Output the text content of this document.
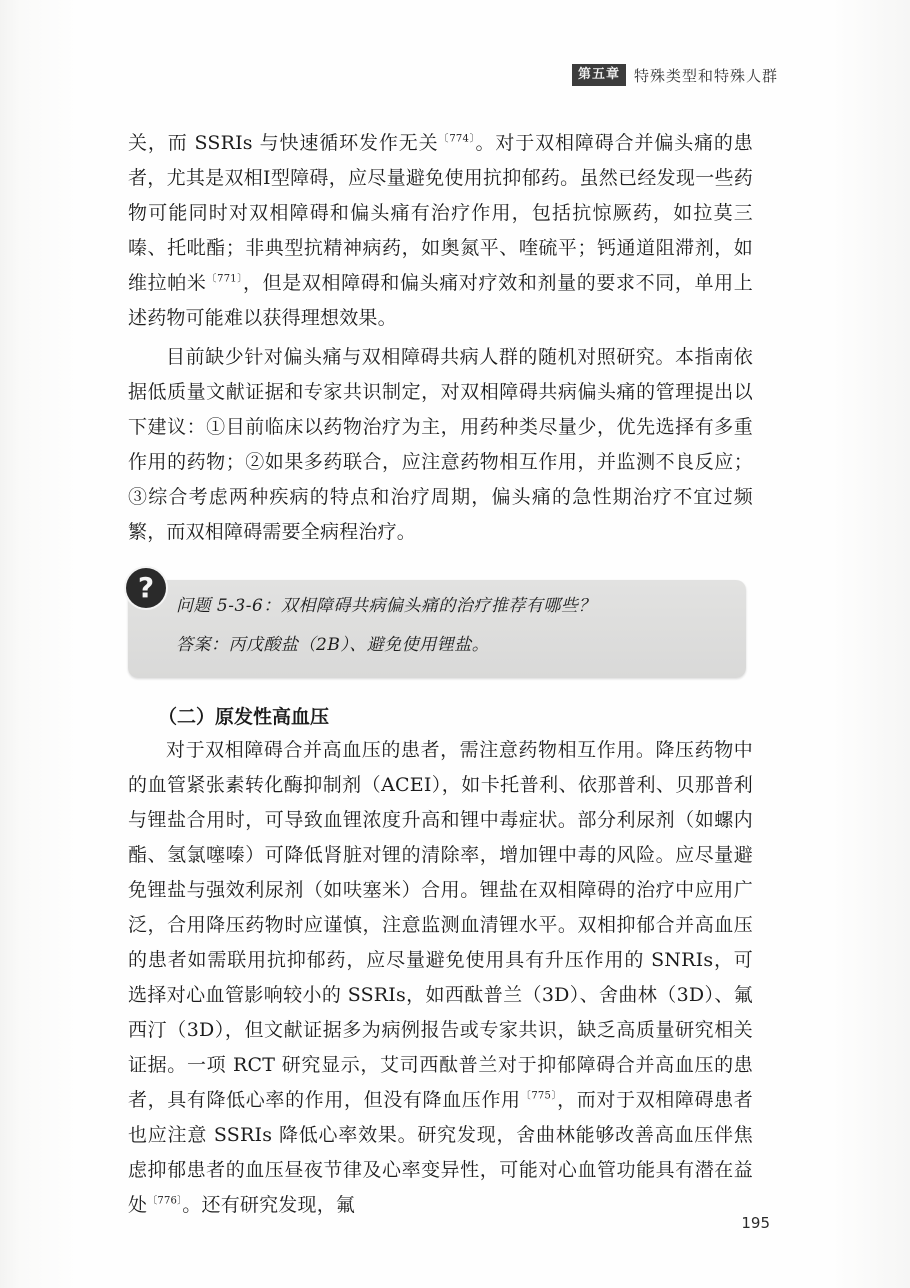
第五章 特殊类型和特殊人群

关，而 SSRIs 与快速循环发作无关$^{〔774〕}$。对于双相障碍合并偏头痛的患者，尤其是双相Ⅰ型障碍，应尽量避免使用抗抑郁药。虽然已经发现一些药物可能同时对双相障碍和偏头痛有治疗作用，包括抗惊厥药，如拉莫三嗪、托吡酯；非典型抗精神病药，如奥氮平、喹硫平；钙通道阻滞剂，如维拉帕米$^{〔771〕}$，但是双相障碍和偏头痛对疗效和剂量的要求不同，单用上述药物可能难以获得理想效果。

目前缺少针对偏头痛与双相障碍共病人群的随机对照研究。本指南依据低质量文献证据和专家共识制定，对双相障碍共病偏头痛的管理提出以下建议：①目前临床以药物治疗为主，用药种类尽量少，优先选择有多重作用的药物；②如果多药联合，应注意药物相互作用，并监测不良反应；③综合考虑两种疾病的特点和治疗周期，偏头痛的急性期治疗不宜过频繁，而双相障碍需要全病程治疗。

?
问题 5-3-6：双相障碍共病偏头痛的治疗推荐有哪些？
答案：丙戊酸盐（2B）、避免使用锂盐。
（二）原发性高血压

对于双相障碍合并高血压的患者，需注意药物相互作用。降压药物中的血管紧张素转化酶抑制剂（ACEI），如卡托普利、依那普利、贝那普利与锂盐合用时，可导致血锂浓度升高和锂中毒症状。部分利尿剂（如螺内酯、氢氯噻嗪）可降低肾脏对锂的清除率，增加锂中毒的风险。应尽量避免锂盐与强效利尿剂（如呋塞米）合用。锂盐在双相障碍的治疗中应用广泛，合用降压药物时应谨慎，注意监测血清锂水平。双相抑郁合并高血压的患者如需联用抗抑郁药，应尽量避免使用具有升压作用的 SNRIs，可选择对心血管影响较小的 SSRIs，如西酞普兰（3D）、舍曲林（3D）、氟西汀（3D），但文献证据多为病例报告或专家共识，缺乏高质量研究相关证据。一项 RCT 研究显示，艾司西酞普兰对于抑郁障碍合并高血压的患者，具有降低心率的作用，但没有降血压作用$^{〔775〕}$，而对于双相障碍患者也应注意 SSRIs 降低心率效果。研究发现，舍曲林能够改善高血压伴焦虑抑郁患者的血压昼夜节律及心率变异性，可能对心血管功能具有潜在益处$^{〔776〕}$。还有研究发现，氟

195
